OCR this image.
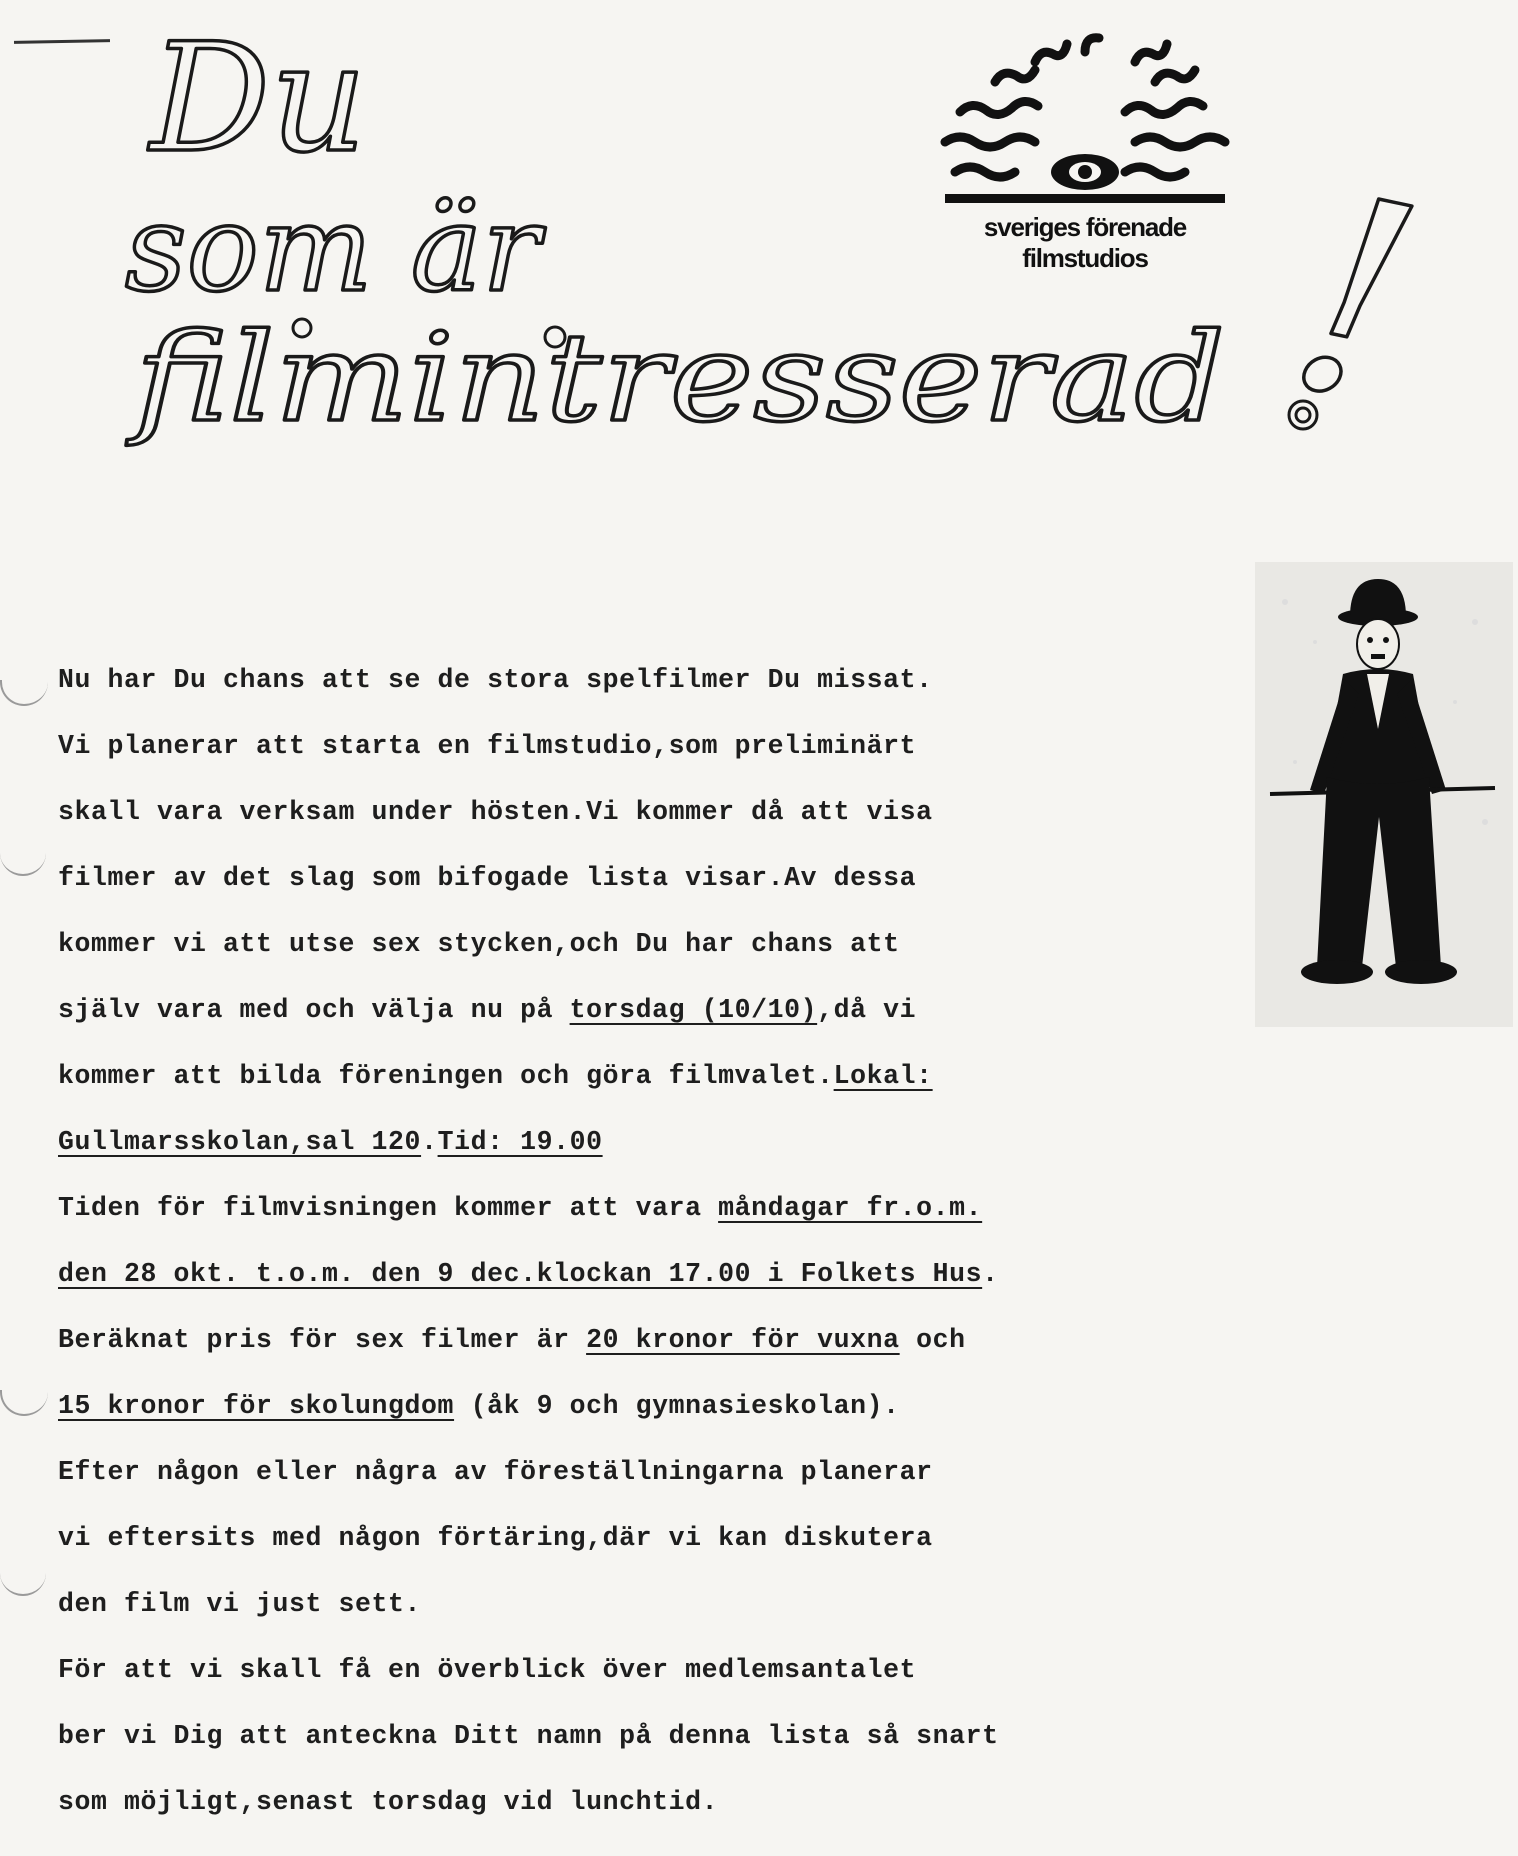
Du
som är
filmintresserad !
sveriges förenade filmstudios
Nu har Du chans att se de stora spelfilmer Du missat.
Vi planerar att starta en filmstudio,som preliminärt
skall vara verksam under hösten.Vi kommer då att visa
filmer av det slag som bifogade lista visar.Av dessa
kommer vi att utse sex stycken,och Du har chans att
själv vara med och välja nu på torsdag (10/10),då vi
kommer att bilda föreningen och göra filmvalet.Lokal:
Gullmarsskolan,sal 120.Tid: 19.00
Tiden för filmvisningen kommer att vara måndagar fr.o.m.
den 28 okt. t.o.m. den 9 dec.klockan 17.00 i Folkets Hus.
Beräknat pris för sex filmer är 20 kronor för vuxna och
15 kronor för skolungdom (åk 9 och gymnasieskolan).
Efter någon eller några av föreställningarna planerar
vi eftersits med någon förtäring,där vi kan diskutera
den film vi just sett.
För att vi skall få en överblick över medlemsantalet
ber vi Dig att anteckna Ditt namn på denna lista så snart
som möjligt,senast torsdag vid lunchtid.
